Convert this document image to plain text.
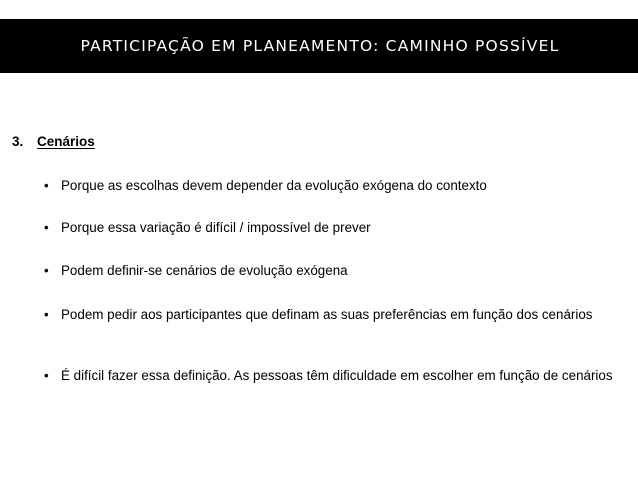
PARTICIPAÇÃO EM PLANEAMENTO: CAMINHO POSSÍVEL
3. Cenários
• Porque as escolhas devem depender da evolução exógena do contexto
• Porque essa variação é difícil / impossível de prever
• Podem definir-se cenários de evolução exógena
• Podem pedir aos participantes que definam as suas preferências em função dos cenários
• É difícil fazer essa definição. As pessoas têm dificuldade em escolher em função de cenários
